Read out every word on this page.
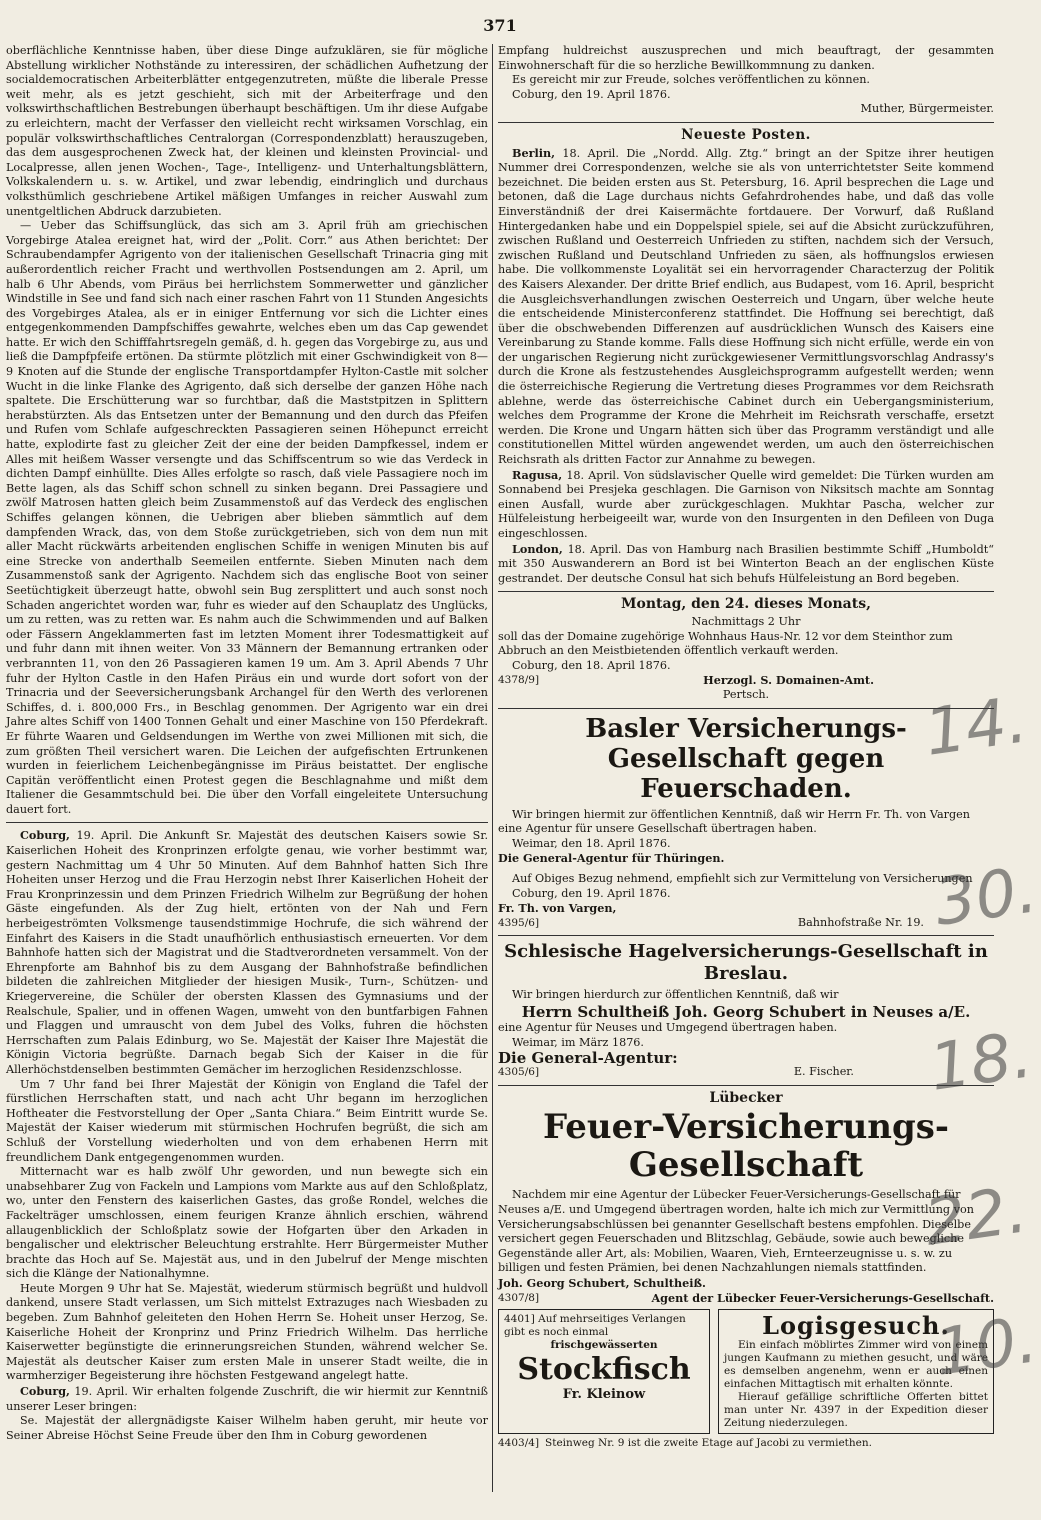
371

oberflächliche Kenntnisse haben, über diese Dinge aufzuklären, sie für mögliche Abstellung wirklicher Nothstände zu interessiren, der schädlichen Aufhetzung der socialdemocratischen Arbeiterblätter entgegenzutreten, müßte die liberale Presse weit mehr, als es jetzt geschieht, sich mit der Arbeiterfrage und den volkswirthschaftlichen Bestrebungen überhaupt beschäftigen. Um ihr diese Aufgabe zu erleichtern, macht der Verfasser den vielleicht recht wirksamen Vorschlag, ein populär volkswirthschaftliches Centralorgan (Correspondenzblatt) herauszugeben, das dem ausgesprochenen Zweck hat, der kleinen und kleinsten Provincial- und Localpresse, allen jenen Wochen-, Tage-, Intelligenz- und Unterhaltungsblättern, Volkskalendern u. s. w. Artikel, und zwar lebendig, eindringlich und durchaus volksthümlich geschriebene Artikel mäßigen Umfanges in reicher Auswahl zum unentgeltlichen Abdruck darzubieten.

— Ueber das Schiffsunglück, das sich am 3. April früh am griechischen Vorgebirge Ataleа ereignet hat, wird der „Polit. Corr.“ aus Athen berichtet: Der Schraubendampfer Agrigento von der italienischen Gesellschaft Trinacria ging mit außerordentlich reicher Fracht und werthvollen Postsendungen am 2. April, um halb 6 Uhr Abends, vom Piräus bei herrlichstem Sommerwetter und gänzlicher Windstille in See und fand sich nach einer raschen Fahrt von 11 Stunden Angesichts des Vorgebirges Atalea, als er in einiger Entfernung vor sich die Lichter eines entgegenkommenden Dampfschiffes gewahrte, welches eben um das Cap gewendet hatte. Er wich den Schifffahrtsregeln gemäß, d. h. gegen das Vorgebirge zu, aus und ließ die Dampfpfeife ertönen. Da stürmte plötzlich mit einer Gschwindigkeit von 8—9 Knoten auf die Stunde der englische Transportdampfer Hylton-Castle mit solcher Wucht in die linke Flanke des Agrigento, daß sich derselbe der ganzen Höhe nach spaltete. Die Erschütterung war so furchtbar, daß die Maststpitzen in Splittern herabstürzten. Als das Entsetzen unter der Bemannung und den durch das Pfeifen und Rufen vom Schlafe aufgeschreckten Passagieren seinen Höhepunct erreicht hatte, explodirte fast zu gleicher Zeit der eine der beiden Dampfkessel, indem er Alles mit heißem Wasser versengte und das Schiffscentrum so wie das Verdeck in dichten Dampf einhüllte. Dies Alles erfolgte so rasch, daß viele Passagiere noch im Bette lagen, als das Schiff schon schnell zu sinken begann. Drei Passagiere und zwölf Matrosen hatten gleich beim Zusammenstoß auf das Verdeck des englischen Schiffes gelangen können, die Uebrigen aber blieben sämmtlich auf dem dampfenden Wrack, das, von dem Stoße zurückgetrieben, sich von dem nun mit aller Macht rückwärts arbeitenden englischen Schiffe in wenigen Minuten bis auf eine Strecke von anderthalb Seemeilen entfernte. Sieben Minuten nach dem Zusammenstoß sank der Agrigento. Nachdem sich das englische Boot von seiner Seetüchtigkeit überzeugt hatte, obwohl sein Bug zersplittert und auch sonst noch Schaden angerichtet worden war, fuhr es wieder auf den Schauplatz des Unglücks, um zu retten, was zu retten war. Es nahm auch die Schwimmenden und auf Balken oder Fässern Angeklammerten fast im letzten Moment ihrer Todesmattigkeit auf und fuhr dann mit ihnen weiter. Von 33 Männern der Bemannung ertranken oder verbrannten 11, von den 26 Passagieren kamen 19 um. Am 3. April Abends 7 Uhr fuhr der Hylton Castle in den Hafen Piräus ein und wurde dort sofort von der Trinacria und der Seeversicherungsbank Archangel für den Werth des verlorenen Schiffes, d. i. 800,000 Frs., in Beschlag genommen. Der Agrigento war ein drei Jahre altes Schiff von 1400 Tonnen Gehalt und einer Maschine von 150 Pferdekraft. Er führte Waaren und Geldsendungen im Werthe von zwei Millionen mit sich, die zum größten Theil versichert waren. Die Leichen der aufgefischten Ertrunkenen wurden in feierlichem Leichenbegängnisse im Piräus beistattet. Der englische Capitän veröffentlicht einen Protest gegen die Beschlagnahme und mißt dem Italiener die Gesammtschuld bei. Die über den Vorfall eingeleitete Untersuchung dauert fort.

Coburg, 19. April. Die Ankunft Sr. Majestät des deutschen Kaisers sowie Sr. Kaiserlichen Hoheit des Kronprinzen erfolgte genau, wie vorher bestimmt war, gestern Nachmittag um 4 Uhr 50 Minuten. Auf dem Bahnhof hatten Sich Ihre Hoheiten unser Herzog und die Frau Herzogin nebst Ihrer Kaiserlichen Hoheit der Frau Kronprinzessin und dem Prinzen Friedrich Wilhelm zur Begrüßung der hohen Gäste eingefunden. Als der Zug hielt, ertönten von der Nah und Fern herbeigeströmten Volksmenge tausendstimmige Hochrufe, die sich während der Einfahrt des Kaisers in die Stadt unaufhörlich enthusiastisch erneuerten. Vor dem Bahnhofe hatten sich der Magistrat und die Stadtverordneten versammelt. Von der Ehrenpforte am Bahnhof bis zu dem Ausgang der Bahnhofstraße befindlichen bildeten die zahlreichen Mitglieder der hiesigen Musik-, Turn-, Schützen- und Kriegervereine, die Schüler der obersten Klassen des Gymnasiums und der Realschule, Spalier, und in offenen Wagen, umweht von den buntfarbigen Fahnen und Flaggen und umrauscht von dem Jubel des Volks, fuhren die höchsten Herrschaften zum Palais Edinburg, wo Se. Majestät der Kaiser Ihre Majestät die Königin Victoria begrüßte. Darnach begab Sich der Kaiser in die für Allerhöchstdenselben bestimmten Gemächer im herzoglichen Residenzschlosse.

Um 7 Uhr fand bei Ihrer Majestät der Königin von England die Tafel der fürstlichen Herrschaften statt, und nach acht Uhr begann im herzoglichen Hoftheater die Festvorstellung der Oper „Santa Chiara.“ Beim Eintritt wurde Se. Majestät der Kaiser wiederum mit stürmischen Hochrufen begrüßt, die sich am Schluß der Vorstellung wiederholten und von dem erhabenen Herrn mit freundlichem Dank entgegengenommen wurden.

Mitternacht war es halb zwölf Uhr geworden, und nun bewegte sich ein unabsehbarer Zug von Fackeln und Lampions vom Markte aus auf den Schloßplatz, wo, unter den Fenstern des kaiserlichen Gastes, das große Rondel, welches die Fackelträger umschlossen, einem feurigen Kranze ähnlich erschien, während allaugenblicklich der Schloßplatz sowie der Hofgarten über den Arkaden in bengalischer und elektrischer Beleuchtung erstrahlte. Herr Bürgermeister Muther brachte das Hoch auf Se. Majestät aus, und in den Jubelruf der Menge mischten sich die Klänge der Nationalhymne.

Heute Morgen 9 Uhr hat Se. Majestät, wiederum stürmisch begrüßt und huldvoll dankend, unsere Stadt verlassen, um Sich mittelst Extrazuges nach Wiesbaden zu begeben. Zum Bahnhof geleiteten den Hohen Herrn Se. Hoheit unser Herzog, Se. Kaiserliche Hoheit der Kronprinz und Prinz Friedrich Wilhelm. Das herrliche Kaiserwetter begünstigte die erinnerungsreichen Stunden, während welcher Se. Majestät als deutscher Kaiser zum ersten Male in unserer Stadt weilte, die in warmherziger Begeisterung ihre höchsten Festgewand angelegt hatte.

Coburg, 19. April. Wir erhalten folgende Zuschrift, die wir hiermit zur Kenntniß unserer Leser bringen:

Se. Majestät der allergnädigste Kaiser Wilhelm haben geruht, mir heute vor Seiner Abreise Höchst Seine Freude über den Ihm in Coburg gewordenen

Empfang huldreichst auszusprechen und mich beauftragt, der gesammten Einwohnerschaft für die so herzliche Bewillkommnung zu danken.

Es gereicht mir zur Freude, solches veröffentlichen zu können.

Coburg, den 19. April 1876.

Muther, Bürgermeister.

Neueste Posten.

Berlin, 18. April. Die „Nordd. Allg. Ztg.“ bringt an der Spitze ihrer heutigen Nummer drei Correspondenzen, welche sie als von unterrichtetster Seite kommend bezeichnet. Die beiden ersten aus St. Petersburg, 16. April besprechen die Lage und betonen, daß die Lage durchaus nichts Gefahrdrohendes habe, und daß das volle Einverständniß der drei Kaisermächte fortdauere. Der Vorwurf, daß Rußland Hintergedanken habe und ein Doppelspiel spiele, sei auf die Absicht zurückzuführen, zwischen Rußland und Oesterreich Unfrieden zu stiften, nachdem sich der Versuch, zwischen Rußland und Deutschland Unfrieden zu säen, als hoffnungslos erwiesen habe. Die vollkommenste Loyalität sei ein hervorragender Characterzug der Politik des Kaisers Alexander. Der dritte Brief endlich, aus Budapest, vom 16. April, bespricht die Ausgleichsverhandlungen zwischen Oesterreich und Ungarn, über welche heute die entscheidende Ministerconferenz stattfindet. Die Hoffnung sei berechtigt, daß über die obschwebenden Differenzen auf ausdrücklichen Wunsch des Kaisers eine Vereinbarung zu Stande komme. Falls diese Hoffnung sich nicht erfülle, werde ein von der ungarischen Regierung nicht zurückgewiesener Vermittlungsvorschlag Andrassy's durch die Krone als festzustehendes Ausgleichsprogramm aufgestellt werden; wenn die österreichische Regierung die Vertretung dieses Programmes vor dem Reichsrath ablehne, werde das österreichische Cabinet durch ein Uebergangsministerium, welches dem Programme der Krone die Mehrheit im Reichsrath verschaffe, ersetzt werden. Die Krone und Ungarn hätten sich über das Programm verständigt und alle constitutionellen Mittel würden angewendet werden, um auch den österreichischen Reichsrath als dritten Factor zur Annahme zu bewegen.

Ragusa, 18. April. Von südslavischer Quelle wird gemeldet: Die Türken wurden am Sonnabend bei Presjeka geschlagen. Die Garnison von Niksitsch machte am Sonntag einen Ausfall, wurde aber zurückgeschlagen. Mukhtar Pascha, welcher zur Hülfeleistung herbeigeeilt war, wurde von den Insurgenten in den Defileen von Duga eingeschlossen.

London, 18. April. Das von Hamburg nach Brasilien bestimmte Schiff „Humboldt“ mit 350 Auswanderern an Bord ist bei Winterton Beach an der englischen Küste gestrandet. Der deutsche Consul hat sich behufs Hülfeleistung an Bord begeben.

Montag, den 24. dieses Monats,
Nachmittags 2 Uhr

soll das der Domaine zugehörige Wohnhaus Haus-Nr. 12 vor dem Steinthor zum Abbruch an den Meistbietenden öffentlich verkauft werden.

Coburg, den 18. April 1876.

4378/9]	Herzogl. S. Domainen-Amt.
Pertsch.
Basler Versicherungs-Gesellschaft gegen Feuerschaden.

Wir bringen hiermit zur öffentlichen Kenntniß, daß wir Herrn Fr. Th. von Vargen eine Agentur für unsere Gesellschaft übertragen haben.

Weimar, den 18. April 1876.

Die General-Agentur für Thüringen.

Auf Obiges Bezug nehmend, empfiehlt sich zur Vermittelung von Versicherungen

Coburg, den 19. April 1876.

Fr. Th. von Vargen,

4395/6]	Bahnhofstraße Nr. 19.
Schlesische Hagelversicherungs-Gesellschaft in Breslau.

Wir bringen hierdurch zur öffentlichen Kenntniß, daß wir

Herrn Schultheiß Joh. Georg Schubert in Neuses a/E.

eine Agentur für Neuses und Umgegend übertragen haben.

Weimar, im März 1876.

Die General-Agentur:

4305/6]	E. Fischer.
Lübecker
Feuer-Versicherungs-Gesellschaft

Nachdem mir eine Agentur der Lübecker Feuer-Versicherungs-Gesellschaft für Neuses a/E. und Umgegend übertragen worden, halte ich mich zur Vermittlung von Versicherungsabschlüssen bei genannter Gesellschaft bestens empfohlen. Dieselbe versichert gegen Feuerschaden und Blitzschlag, Gebäude, sowie auch bewegliche Gegenstände aller Art, als: Mobilien, Waaren, Vieh, Ernteerzeugnisse u. s. w. zu billigen und festen Prämien, bei denen Nachzahlungen niemals stattfinden.

Joh. Georg Schubert, Schultheiß.

4307/8]	Agent der Lübecker Feuer-Versicherungs-Gesellschaft.
4401] Auf mehrseitiges Verlangen gibt es noch einmal
frischgewässerten
Stockfisch
Fr. Kleinow
Logisgesuch.

Ein einfach möblirtes Zimmer wird von einem jungen Kaufmann zu miethen gesucht, und wäre es demselben angenehm, wenn er auch einen einfachen Mittagtisch mit erhalten könnte.

Hierauf gefällige schriftliche Offerten bittet man unter Nr. 4397 in der Expedition dieser Zeitung niederzulegen.

4403/4] Steinweg Nr. 9 ist die zweite Etage auf Jacobi zu vermiethen.
14.
30.
18.
22.
10.
